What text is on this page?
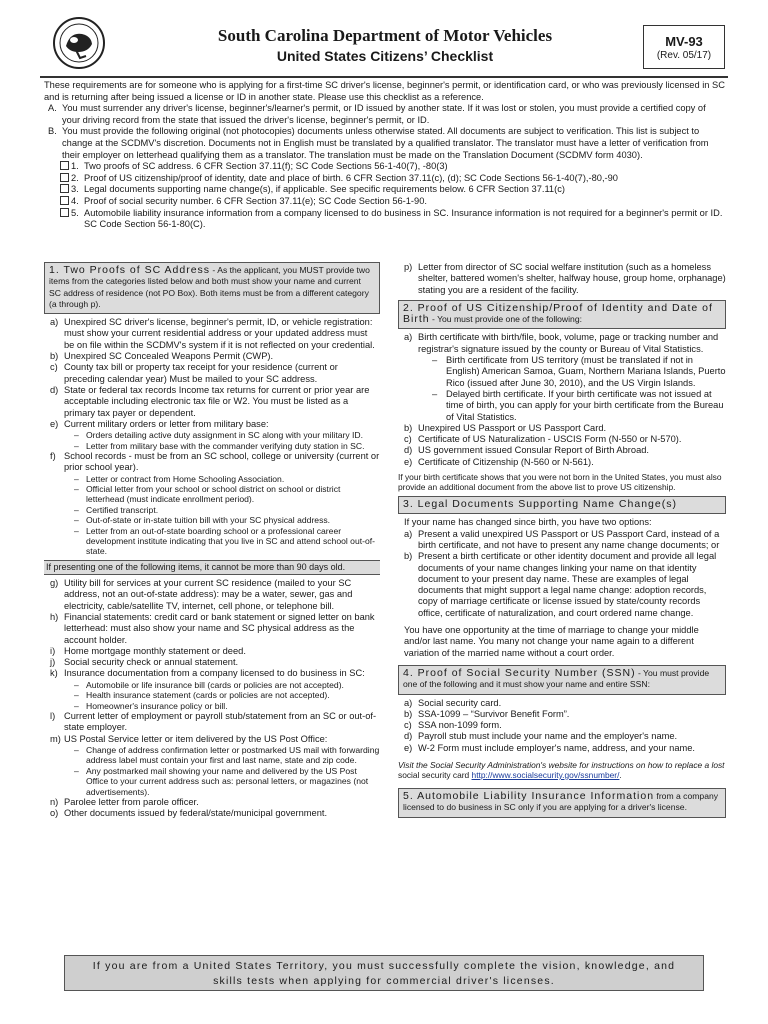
South Carolina Department of Motor Vehicles
United States Citizens’ Checklist
MV-93
(Rev. 05/17)

These requirements are for someone who is applying for a first-time SC driver's license, beginner's permit, or identification card, or who was previously licensed in SC and is returning after being issued a license or ID in another state. Please use this checklist as a reference.

A. You must surrender any driver's license, beginner's/learner's permit, or ID issued by another state. If it was lost or stolen, you must provide a certified copy of your driving record from the state that issued the driver's license, beginner's permit, or ID.
B. You must provide the following original (not photocopies) documents unless otherwise stated. All documents are subject to verification. This list is subject to change at the SCDMV's discretion. Documents not in English must be translated by a qualified translator. The translator must have a letter of verification from their employer on letterhead qualifying them as a translator. The translation must be made on the Translation Document (SCDMV form 4030).
1. Two proofs of SC address. 6 CFR Section 37.11(f); SC Code Sections 56-1-40(7), -80(3)
2. Proof of US citizenship/proof of identity, date and place of birth. 6 CFR Section 37.11(c), (d); SC Code Sections 56-1-40(7),-80,-90
3. Legal documents supporting name change(s), if applicable. See specific requirements below. 6 CFR Section 37.11(c)
4. Proof of social security number. 6 CFR Section 37.11(e); SC Code Section 56-1-90.
5. Automobile liability insurance information from a company licensed to do business in SC. Insurance information is not required for a beginner's permit or ID. SC Code Section 56-1-80(C).
1. Two Proofs of SC Address - As the applicant, you MUST provide two items from the categories listed below and both must show your name and current SC address of residence (not PO Box). Both items must be from a different category (a through p).
a) Unexpired SC driver's license, beginner's permit, ID, or vehicle registration: must show your current residential address or your updated address must be on file within the SCDMV's system if it is not reflected on your credential.
b) Unexpired SC Concealed Weapons Permit (CWP).
c) County tax bill or property tax receipt for your residence (current or preceding calendar year) Must be mailed to your SC address.
d) State or federal tax records Income tax returns for current or prior year are acceptable including electronic tax file or W2. You must be listed as a primary tax payer or dependent.
e) Current military orders or letter from military base:
– Orders detailing active duty assignment in SC along with your military ID.
– Letter from military base with the commander verifying duty station in SC.
f) School records - must be from an SC school, college or university (current or prior school year).
– Letter or contract from Home Schooling Association.
– Official letter from your school or school district on school or district letterhead (must indicate enrollment period).
– Certified transcript.
– Out-of-state or in-state tuition bill with your SC physical address.
– Letter from an out-of-state boarding school or a professional career development institute indicating that you live in SC and attend school out-of-state.
If presenting one of the following items, it cannot be more than 90 days old.
g) Utility bill for services at your current SC residence (mailed to your SC address, not an out-of-state address): may be a water, sewer, gas and electricity, cable/satellite TV, internet, cell phone, or telephone bill.
h) Financial statements: credit card or bank statement or signed letter on bank letterhead: must also show your name and SC physical address as the account holder.
i) Home mortgage monthly statement or deed.
j) Social security check or annual statement.
k) Insurance documentation from a company licensed to do business in SC:
– Automobile or life insurance bill (cards or policies are not accepted).
– Health insurance statement (cards or policies are not accepted).
– Homeowner's insurance policy or bill.
l) Current letter of employment or payroll stub/statement from an SC or out-of-state employer.
m) US Postal Service letter or item delivered by the US Post Office:
– Change of address confirmation letter or postmarked US mail with forwarding address label must contain your first and last name, state and zip code.
– Any postmarked mail showing your name and delivered by the US Post Office to your current address such as: personal letters, or magazines (not advertisements).
n) Parolee letter from parole officer.
o) Other documents issued by federal/state/municipal government.
p) Letter from director of SC social welfare institution (such as a homeless shelter, battered women's shelter, halfway house, group home, orphanage) stating you are a resident of the facility.
2. Proof of US Citizenship/Proof of Identity and Date of Birth - You must provide one of the following:
a) Birth certificate with birth/file, book, volume, page or tracking number and registrar's signature issued by the county or Bureau of Vital Statistics.
– Birth certificate from US territory (must be translated if not in English) American Samoa, Guam, Northern Mariana Islands, Puerto Rico (issued after June 30, 2010), and the US Virgin Islands.
– Delayed birth certificate. If your birth certificate was not issued at time of birth, you can apply for your birth certificate from the Bureau of Vital Statistics.
b) Unexpired US Passport or US Passport Card.
c) Certificate of US Naturalization - USCIS Form (N-550 or N-570).
d) US government issued Consular Report of Birth Abroad.
e) Certificate of Citizenship (N-560 or N-561).
If your birth certificate shows that you were not born in the United States, you must also provide an additional document from the above list to prove US citizenship.
3. Legal Documents Supporting Name Change(s)
If your name has changed since birth, you have two options:
a) Present a valid unexpired US Passport or US Passport Card, instead of a birth certificate, and not have to present any name change documents; or
b) Present a birth certificate or other identity document and provide all legal documents of your name changes linking your name on that identity document to your present day name. These are examples of legal documents that might support a legal name change: adoption records, copy of marriage certificate or license issued by state/county records office, certificate of naturalization, and court ordered name change.
You have one opportunity at the time of marriage to change your middle and/or last name. You many not change your name again to a different variation of the married name without a court order.
4. Proof of Social Security Number (SSN) - You must provide one of the following and it must show your name and entire SSN:
a) Social security card.
b) SSA-1099 – “Survivor Benefit Form”.
c) SSA non-1099 form.
d) Payroll stub must include your name and the employer's name.
e) W-2 Form must include employer's name, address, and your name.
Visit the Social Security Administration's website for instructions on how to replace a lost social security card http://www.socialsecurity.gov/ssnumber/.
5. Automobile Liability Insurance Information from a company licensed to do business in SC only if you are applying for a driver's license.
If you are from a United States Territory, you must successfully complete the vision, knowledge, and
skills tests when applying for commercial driver's licenses.
